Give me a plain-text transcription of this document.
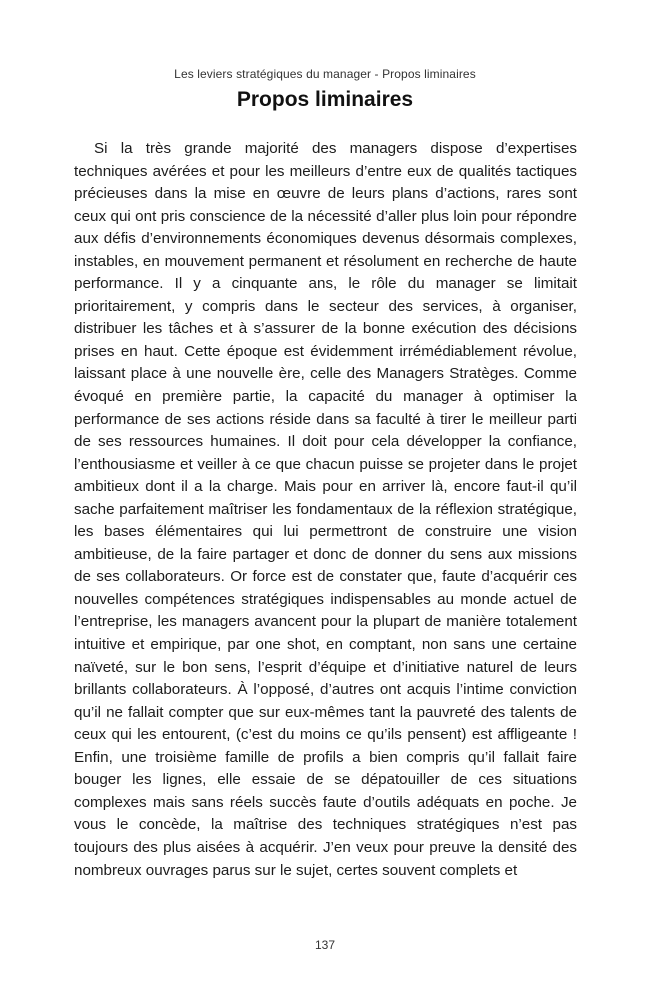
Les leviers stratégiques du manager - Propos liminaires
Propos liminaires

Si la très grande majorité des managers dispose d’expertises techniques avérées et pour les meilleurs d’entre eux de qualités tactiques précieuses dans la mise en œuvre de leurs plans d’actions, rares sont ceux qui ont pris conscience de la nécessité d’aller plus loin pour répondre aux défis d’environnements économiques devenus désormais complexes, instables, en mouvement permanent et résolument en recherche de haute performance. Il y a cinquante ans, le rôle du manager se limitait prioritairement, y compris dans le secteur des services, à organiser, distribuer les tâches et à s’assurer de la bonne exécution des décisions prises en haut. Cette époque est évidemment irrémédiablement révolue, laissant place à une nouvelle ère, celle des Managers Stratèges. Comme évoqué en première partie, la capacité du manager à optimiser la performance de ses actions réside dans sa faculté à tirer le meilleur parti de ses ressources humaines. Il doit pour cela développer la confiance, l’enthousiasme et veiller à ce que chacun puisse se projeter dans le projet ambitieux dont il a la charge. Mais pour en arriver là, encore faut-il qu’il sache parfaitement maîtriser les fondamentaux de la réflexion stratégique, les bases élémentaires qui lui permettront de construire une vision ambitieuse, de la faire partager et donc de donner du sens aux missions de ses collaborateurs. Or force est de constater que, faute d’acquérir ces nouvelles compétences stratégiques indispensables au monde actuel de l’entreprise, les managers avancent pour la plupart de manière totalement intuitive et empirique, par one shot, en comptant, non sans une certaine naïveté, sur le bon sens, l’esprit d’équipe et d’initiative naturel de leurs brillants collaborateurs. À l’opposé, d’autres ont acquis l’intime conviction qu’il ne fallait compter que sur eux-mêmes tant la pauvreté des talents de ceux qui les entourent, (c’est du moins ce qu’ils pensent) est affligeante ! Enfin, une troisième famille de profils a bien compris qu’il fallait faire bouger les lignes, elle essaie de se dépatouiller de ces situations complexes mais sans réels succès faute d’outils adéquats en poche. Je vous le concède, la maîtrise des techniques stratégiques n’est pas toujours des plus aisées à acquérir. J’en veux pour preuve la densité des nombreux ouvrages parus sur le sujet, certes souvent complets et

137
